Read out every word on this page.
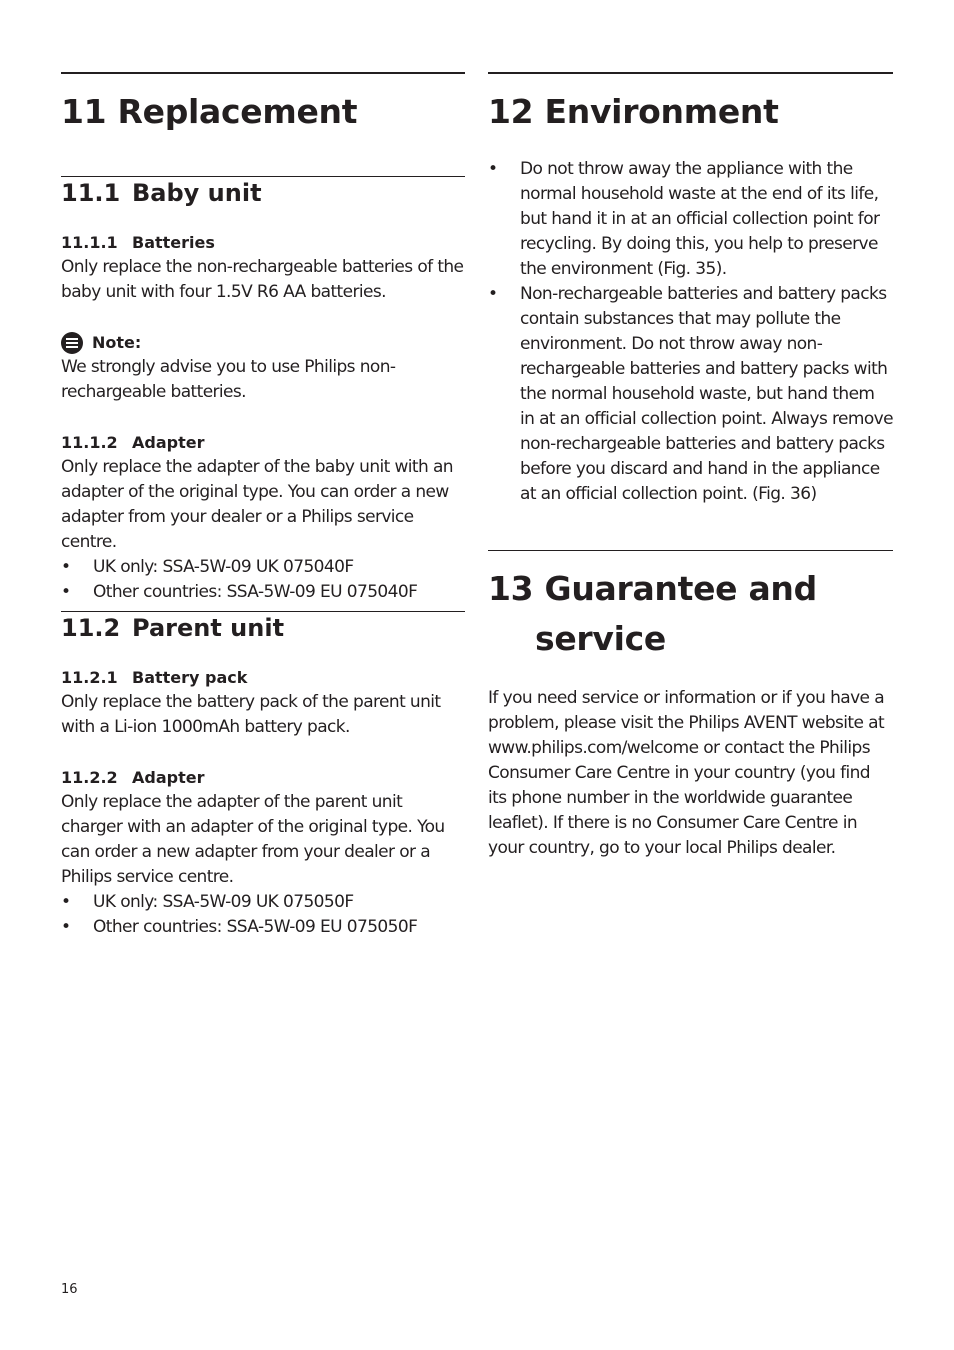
11 Replacement
11.1 Baby unit
11.1.1 Batteries

Only replace the non-rechargeable batteries of the baby unit with four 1.5V R6 AA batteries.

Note:

We strongly advise you to use Philips non-rechargeable batteries.

11.1.2 Adapter

Only replace the adapter of the baby unit with an adapter of the original type. You can order a new adapter from your dealer or a Philips service centre.

• UK only: SSA-5W-09 UK 075040F
• Other countries: SSA-5W-09 EU 075040F
11.2 Parent unit
11.2.1 Battery pack

Only replace the battery pack of the parent unit with a Li-ion 1000mAh battery pack.

11.2.2 Adapter

Only replace the adapter of the parent unit charger with an adapter of the original type. You can order a new adapter from your dealer or a Philips service centre.

• UK only: SSA-5W-09 UK 075050F
• Other countries: SSA-5W-09 EU 075050F
12 Environment
• Do not throw away the appliance with the normal household waste at the end of its life, but hand it in at an official collection point for recycling. By doing this, you help to preserve the environment (Fig. 35).
• Non-rechargeable batteries and battery packs contain substances that may pollute the environment. Do not throw away non-rechargeable batteries and battery packs with the normal household waste, but hand them in at an official collection point. Always remove non-rechargeable batteries and battery packs before you discard and hand in the appliance at an official collection point. (Fig. 36)
13 Guarantee and
service

If you need service or information or if you have a problem, please visit the Philips AVENT website at www.philips.com/welcome or contact the Philips Consumer Care Centre in your country (you find its phone number in the worldwide guarantee leaflet). If there is no Consumer Care Centre in your country, go to your local Philips dealer.

16
